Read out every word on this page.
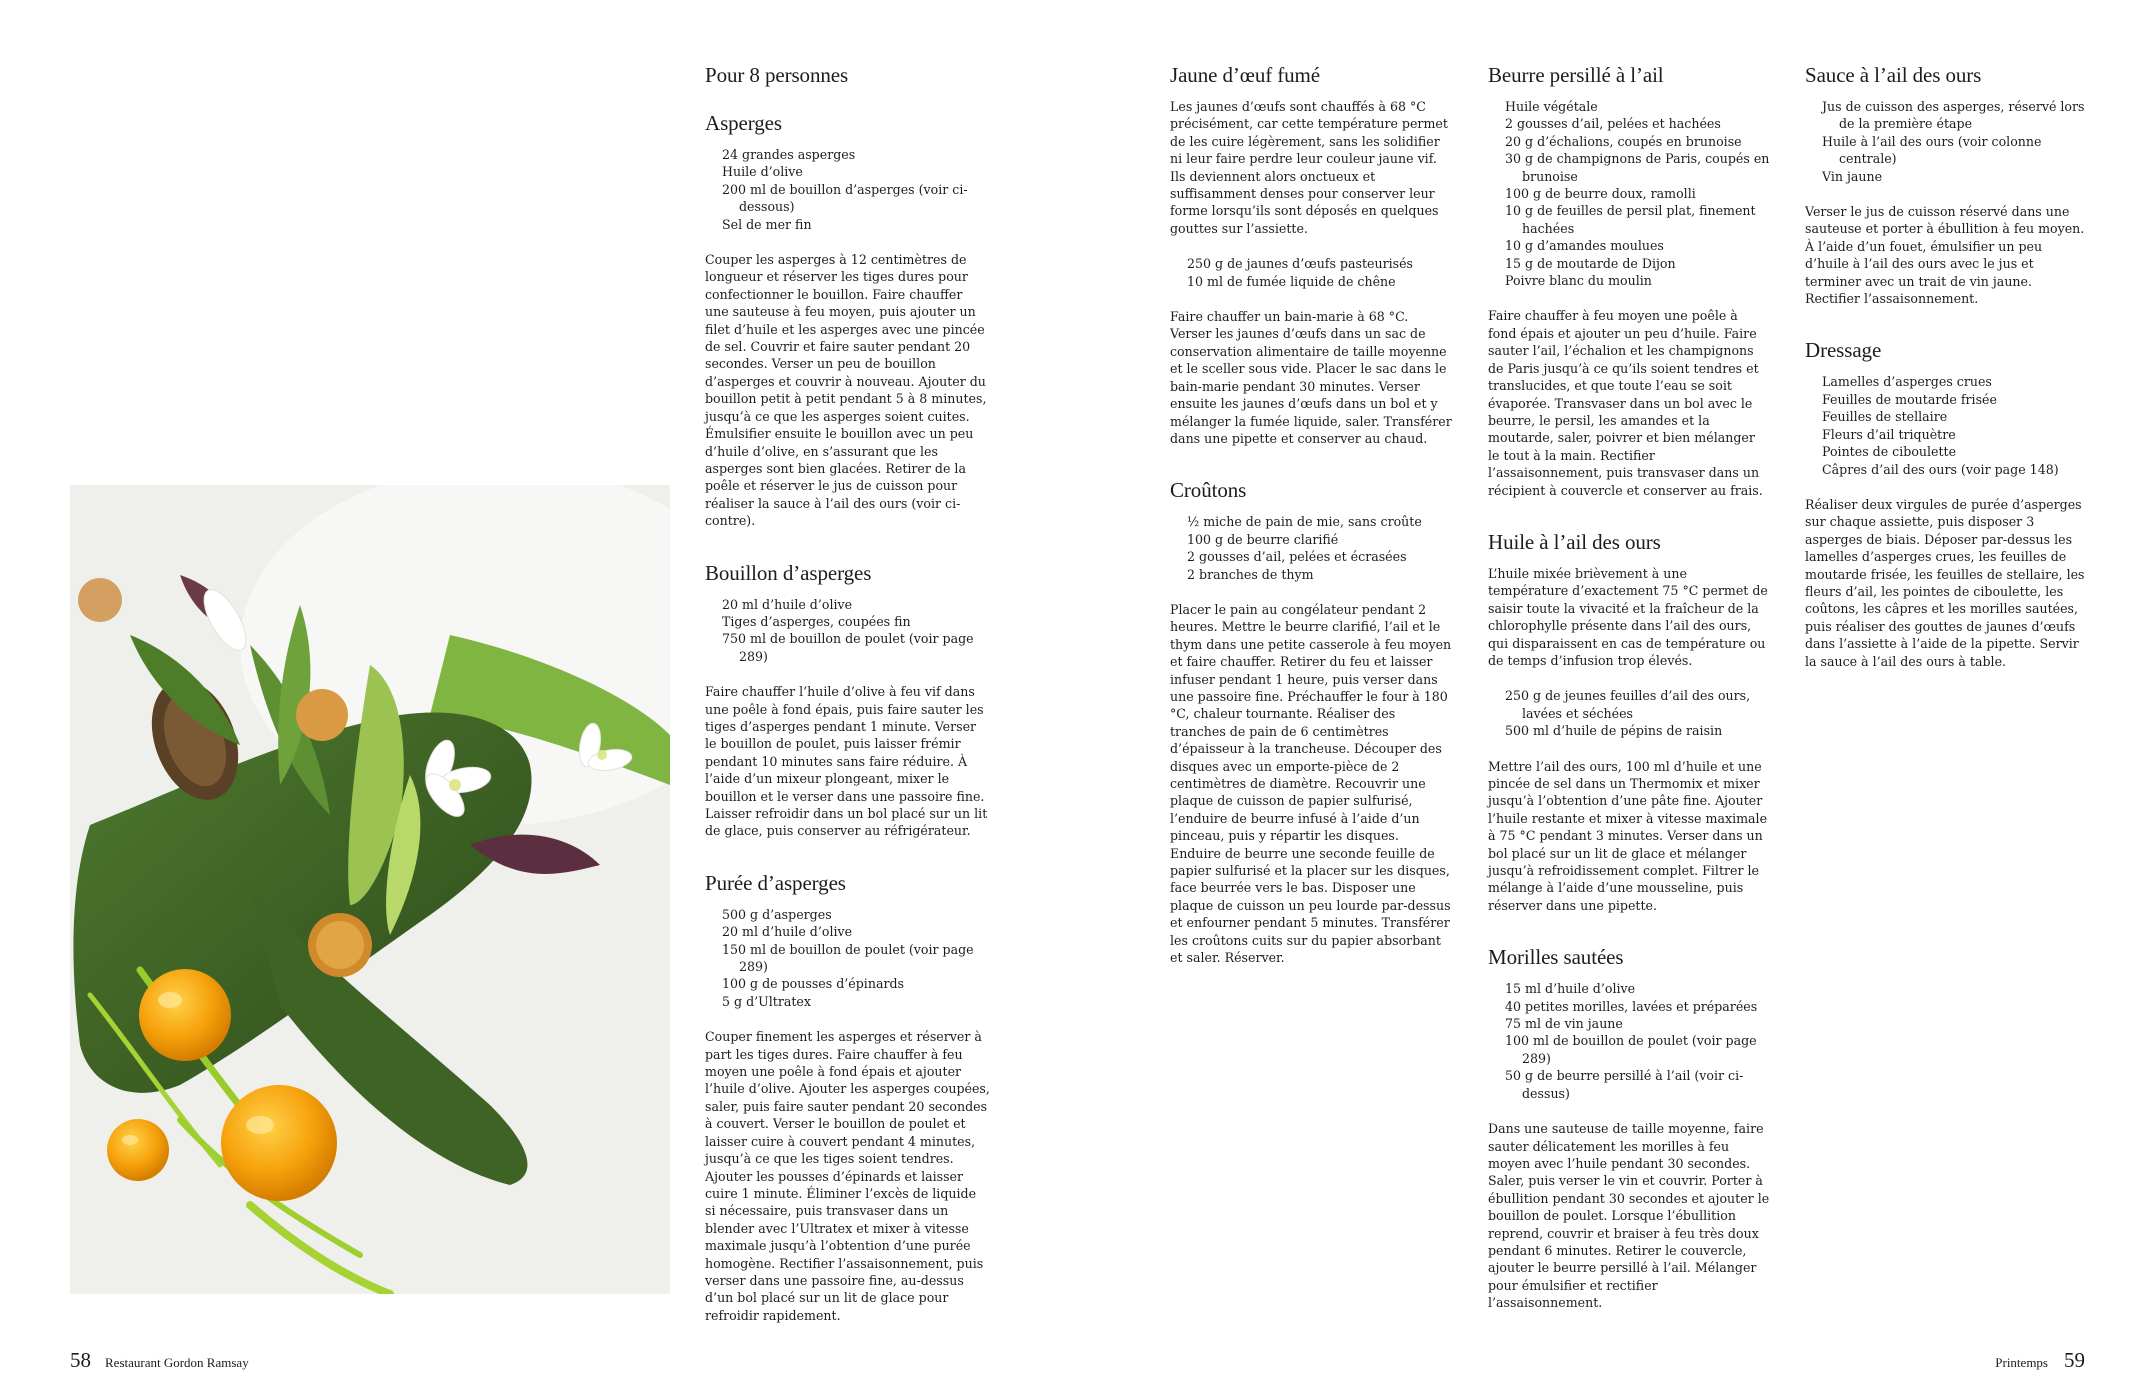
Pour 8 personnes
Asperges
24 grandes asperges
Huile d’olive
200 ml de bouillon d’asperges (voir ci-dessous)
Sel de mer fin

Couper les asperges à 12 centimètres de longueur et réserver les tiges dures pour confectionner le bouillon. Faire chauffer une sauteuse à feu moyen, puis ajouter un filet d’huile et les asperges avec une pincée de sel. Couvrir et faire sauter pendant 20 secondes. Verser un peu de bouillon d’asperges et couvrir à nouveau. Ajouter du bouillon petit à petit pendant 5 à 8 minutes, jusqu’à ce que les asperges soient cuites. Émulsifier ensuite le bouillon avec un peu d’huile d’olive, en s’assurant que les asperges sont bien glacées. Retirer de la poêle et réserver le jus de cuisson pour réaliser la sauce à l’ail des ours (voir ci-contre).

Bouillon d’asperges
20 ml d’huile d’olive
Tiges d’asperges, coupées fin
750 ml de bouillon de poulet (voir page 289)

Faire chauffer l’huile d’olive à feu vif dans une poêle à fond épais, puis faire sauter les tiges d’asperges pendant 1 minute. Verser le bouillon de poulet, puis laisser frémir pendant 10 minutes sans faire réduire. À l’aide d’un mixeur plongeant, mixer le bouillon et le verser dans une passoire fine. Laisser refroidir dans un bol placé sur un lit de glace, puis conserver au réfrigérateur.

Purée d’asperges
500 g d’asperges
20 ml d’huile d’olive
150 ml de bouillon de poulet (voir page 289)
100 g de pousses d’épinards
5 g d’Ultratex

Couper finement les asperges et réserver à part les tiges dures. Faire chauffer à feu moyen une poêle à fond épais et ajouter l’huile d’olive. Ajouter les asperges coupées, saler, puis faire sauter pendant 20 secondes à couvert. Verser le bouillon de poulet et laisser cuire à couvert pendant 4 minutes, jusqu’à ce que les tiges soient tendres. Ajouter les pousses d’épinards et laisser cuire 1 minute. Éliminer l’excès de liquide si nécessaire, puis transvaser dans un blender avec l’Ultratex et mixer à vitesse maximale jusqu’à l’obtention d’une purée homogène. Rectifier l’assaisonnement, puis verser dans une passoire fine, au-dessus d’un bol placé sur un lit de glace pour refroidir rapidement.

Jaune d’œuf fumé

Les jaunes d’œufs sont chauffés à 68 °C précisément, car cette température permet de les cuire légèrement, sans les solidifier ni leur faire perdre leur couleur jaune vif. Ils deviennent alors onctueux et suffisamment denses pour conserver leur forme lorsqu’ils sont déposés en quelques gouttes sur l’assiette.

250 g de jaunes d’œufs pasteurisés
10 ml de fumée liquide de chêne

Faire chauffer un bain-marie à 68 °C. Verser les jaunes d’œufs dans un sac de conservation alimentaire de taille moyenne et le sceller sous vide. Placer le sac dans le bain-marie pendant 30 minutes. Verser ensuite les jaunes d’œufs dans un bol et y mélanger la fumée liquide, saler. Transférer dans une pipette et conserver au chaud.

Croûtons
½ miche de pain de mie, sans croûte
100 g de beurre clarifié
2 gousses d’ail, pelées et écrasées
2 branches de thym

Placer le pain au congélateur pendant 2 heures. Mettre le beurre clarifié, l’ail et le thym dans une petite casserole à feu moyen et faire chauffer. Retirer du feu et laisser infuser pendant 1 heure, puis verser dans une passoire fine. Préchauffer le four à 180 °C, chaleur tournante. Réaliser des tranches de pain de 6 centimètres d’épaisseur à la trancheuse. Découper des disques avec un emporte-pièce de 2 centimètres de diamètre. Recouvrir une plaque de cuisson de papier sulfurisé, l’enduire de beurre infusé à l’aide d’un pinceau, puis y répartir les disques. Enduire de beurre une seconde feuille de papier sulfurisé et la placer sur les disques, face beurrée vers le bas. Disposer une plaque de cuisson un peu lourde par-dessus et enfourner pendant 5 minutes. Transférer les croûtons cuits sur du papier absorbant et saler. Réserver.

Beurre persillé à l’ail
Huile végétale
2 gousses d’ail, pelées et hachées
20 g d’échalions, coupés en brunoise
30 g de champignons de Paris, coupés en brunoise
100 g de beurre doux, ramolli
10 g de feuilles de persil plat, finement hachées
10 g d’amandes moulues
15 g de moutarde de Dijon
Poivre blanc du moulin

Faire chauffer à feu moyen une poêle à fond épais et ajouter un peu d’huile. Faire sauter l’ail, l’échalion et les champignons de Paris jusqu’à ce qu’ils soient tendres et translucides, et que toute l’eau se soit évaporée. Transvaser dans un bol avec le beurre, le persil, les amandes et la moutarde, saler, poivrer et bien mélanger le tout à la main. Rectifier l’assaisonnement, puis transvaser dans un récipient à couvercle et conserver au frais.

Huile à l’ail des ours

L’huile mixée brièvement à une température d’exactement 75 °C permet de saisir toute la vivacité et la fraîcheur de la chlorophylle présente dans l’ail des ours, qui disparaissent en cas de température ou de temps d’infusion trop élevés.

250 g de jeunes feuilles d’ail des ours, lavées et séchées
500 ml d’huile de pépins de raisin

Mettre l’ail des ours, 100 ml d’huile et une pincée de sel dans un Thermomix et mixer jusqu’à l’obtention d’une pâte fine. Ajouter l’huile restante et mixer à vitesse maximale à 75 °C pendant 3 minutes. Verser dans un bol placé sur un lit de glace et mélanger jusqu’à refroidissement complet. Filtrer le mélange à l’aide d’une mousseline, puis réserver dans une pipette.

Morilles sautées
15 ml d’huile d’olive
40 petites morilles, lavées et préparées
75 ml de vin jaune
100 ml de bouillon de poulet (voir page 289)
50 g de beurre persillé à l’ail (voir ci-dessus)

Dans une sauteuse de taille moyenne, faire sauter délicatement les morilles à feu moyen avec l’huile pendant 30 secondes. Saler, puis verser le vin et couvrir. Porter à ébullition pendant 30 secondes et ajouter le bouillon de poulet. Lorsque l’ébullition reprend, couvrir et braiser à feu très doux pendant 6 minutes. Retirer le couvercle, ajouter le beurre persillé à l’ail. Mélanger pour émulsifier et rectifier l’assaisonnement.

Sauce à l’ail des ours
Jus de cuisson des asperges, réservé lors de la première étape
Huile à l’ail des ours (voir colonne centrale)
Vin jaune

Verser le jus de cuisson réservé dans une sauteuse et porter à ébullition à feu moyen. À l’aide d’un fouet, émulsifier un peu d’huile à l’ail des ours avec le jus et terminer avec un trait de vin jaune. Rectifier l’assaisonnement.

Dressage
Lamelles d’asperges crues
Feuilles de moutarde frisée
Feuilles de stellaire
Fleurs d’ail triquètre
Pointes de ciboulette
Câpres d’ail des ours (voir page 148)

Réaliser deux virgules de purée d’asperges sur chaque assiette, puis disposer 3 asperges de biais. Déposer par-dessus les lamelles d’asperges crues, les feuilles de moutarde frisée, les feuilles de stellaire, les fleurs d’ail, les pointes de ciboulette, les coûtons, les câpres et les morilles sautées, puis réaliser des gouttes de jaunes d’œufs dans l’assiette à l’aide de la pipette. Servir la sauce à l’ail des ours à table.

58 Restaurant Gordon Ramsay	Printemps 59
